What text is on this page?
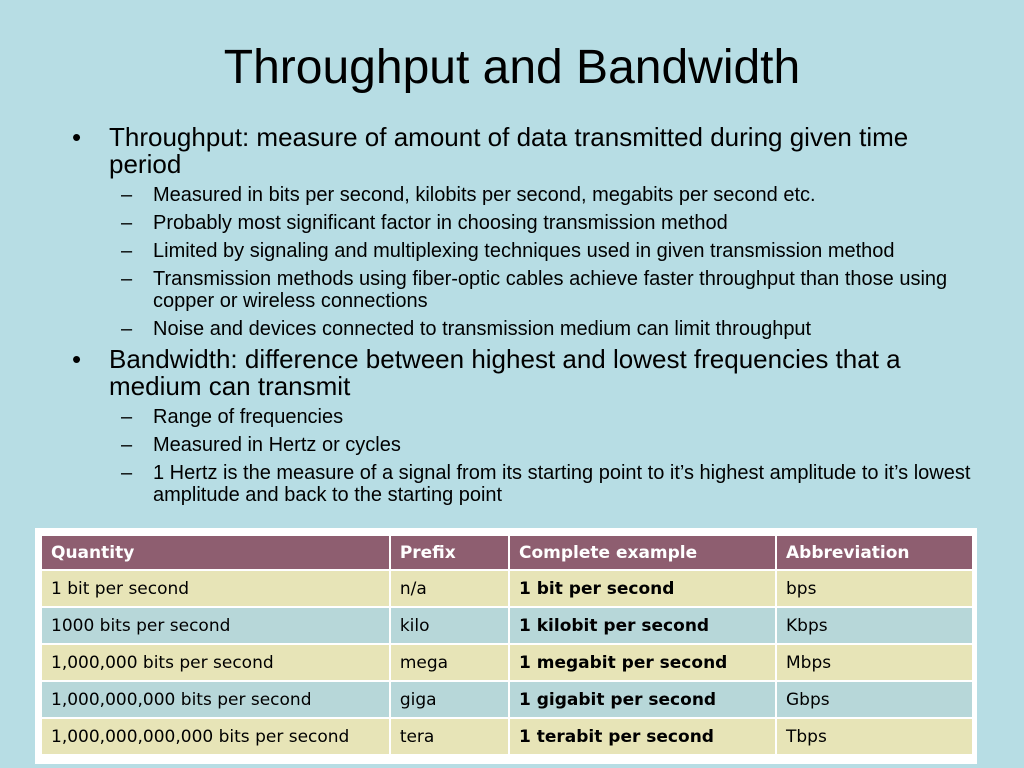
Throughput and Bandwidth
•	Throughput: measure of amount of data transmitted during given time period
– Measured in bits per second, kilobits per second, megabits per second etc.
– Probably most significant factor in choosing transmission method
– Limited by signaling and multiplexing techniques used in given transmission method
– Transmission methods using fiber-optic cables achieve faster throughput than those using copper or wireless connections
– Noise and devices connected to transmission medium can limit throughput
•	Bandwidth: difference between highest and lowest frequencies that a medium can transmit
– Range of frequencies
– Measured in Hertz or cycles
– 1 Hertz is the measure of a signal from its starting point to it’s highest amplitude to it’s lowest amplitude and back to the starting point
Quantity	Prefix	Complete example	Abbreviation
1 bit per second	n/a	1 bit per second	bps
1000 bits per second	kilo	1 kilobit per second	Kbps
1,000,000 bits per second	mega	1 megabit per second	Mbps
1,000,000,000 bits per second	giga	1 gigabit per second	Gbps
1,000,000,000,000 bits per second	tera	1 terabit per second	Tbps
